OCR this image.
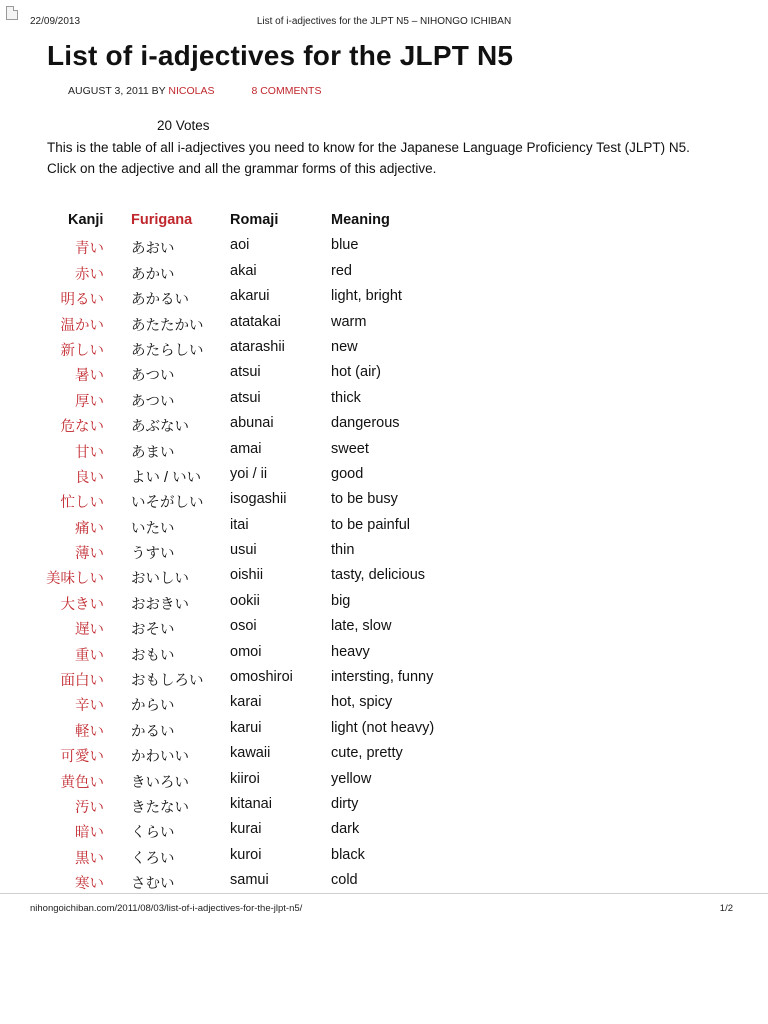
22/09/2013	List of i-adjectives for the JLPT N5 – NIHONGO ICHIBAN
List of i-adjectives for the JLPT N5
AUGUST 3, 2011 BY NICOLAS	8 COMMENTS
20 Votes

This is the table of all i-adjectives you need to know for the Japanese Language Proficiency Test (JLPT) N5. Click on the adjective and all the grammar forms of this adjective.

Kanji Furigana	Romaji	Meaning
青い あおい	aoi	blue
赤い あかい	akai	red
明るい あかるい	akarui	light, bright
温かい あたたかい atatakai	warm
新しい あたらしい atarashii	new
暑い あつい	atsui	hot (air)
厚い あつい	atsui	thick
危ない あぶない	abunai	dangerous
甘い あまい	amai	sweet
良い よい / いい yoi / ii	good
忙しい いそがしい isogashii	to be busy
痛い いたい	itai	to be painful
薄い うすい	usui	thin
美味しい おいしい	oishii	tasty, delicious
大きい おおきい	ookii	big
遅い おそい	osoi	late, slow
重い おもい	omoi	heavy
面白い おもしろい omoshiroi	intersting, funny
辛い からい	karai	hot, spicy
軽い かるい	karui	light (not heavy)
可愛い かわいい	kawaii	cute, pretty
黄色い きいろい	kiiroi	yellow
汚い きたない	kitanai	dirty
暗い くらい	kurai	dark
黒い くろい	kuroi	black
寒い さむい	samui	cold
nihongoichiban.com/2011/08/03/list-of-i-adjectives-for-the-jlpt-n5/	1/2
